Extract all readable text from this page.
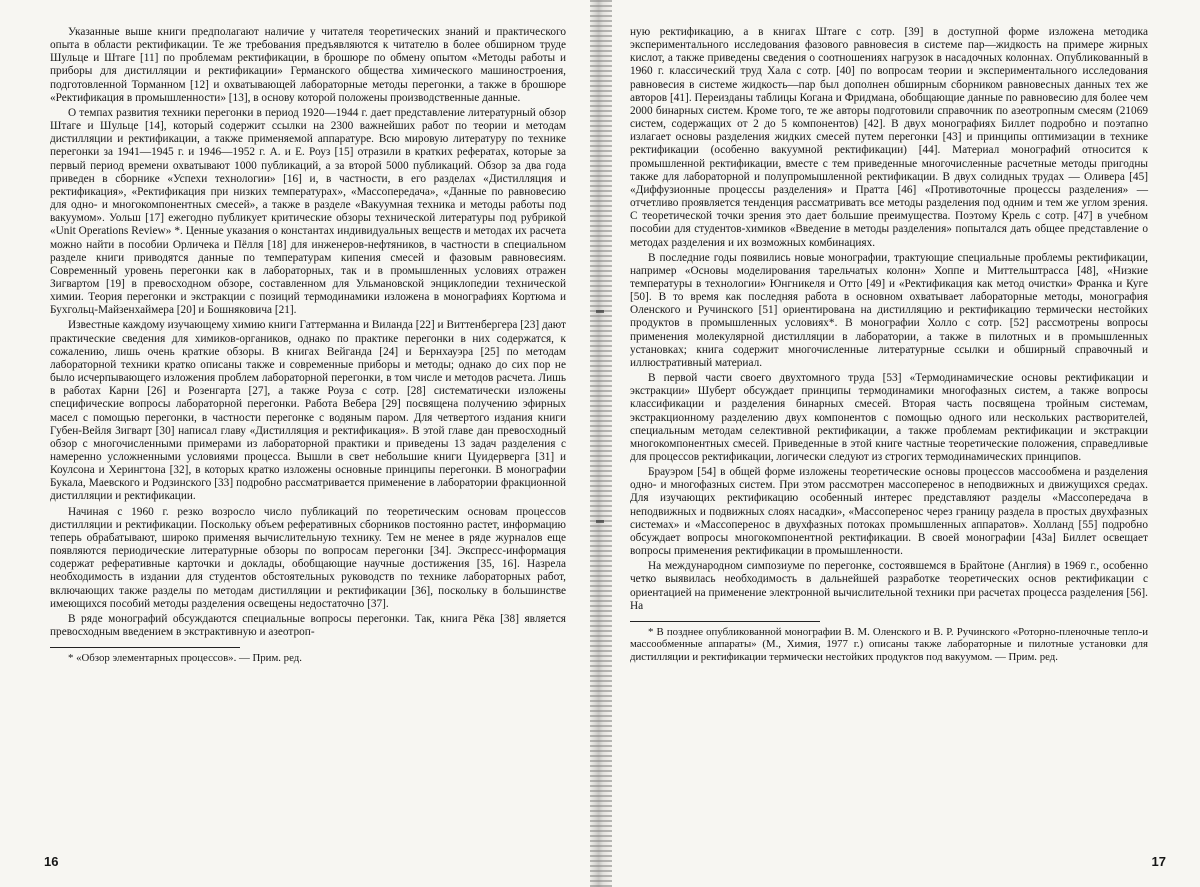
Указанные выше книги предполагают наличие у читателя теоретических знаний и практического опыта в области ректификации. Те же требования предъявляются к читателю в более обширном труде Шульце и Штаге [11] по проблемам ректификации, в брошюре по обмену опытом «Методы работы и приборы для дистилляции и ректификации» Германского общества химического машиностроения, подготовленной Торманном [12] и охватывающей лабораторные методы перегонки, а также в брошюре «Ректификация в промышленности» [13], в основу которой положены производственные данные.

О темпах развития техники перегонки в период 1920—1944 г. дает представление литературный обзор Штаге и Шульце [14], который содержит ссылки на 2300 важнейших работ по теории и методам дистилляции и ректификации, а также применяемой аппаратуре. Всю мировую литературу по технике перегонки за 1941—1945 г. и 1946—1952 г. А. и Е. Роуз [15] отразили в кратких рефератах, которые за первый период времени охватывают 1000 публикаций, а за второй 5000 публикаций. Обзор за два года приведен в сборнике «Успехи технологии» [16] и, в частности, в его разделах «Дистилляция и ректификация», «Ректификация при низких температурах», «Массопередача», «Данные по равновесию для одно- и многокомпонентных смесей», а также в разделе «Вакуумная техника и методы работы под вакуумом». Уольш [17] ежегодно публикует критические обзоры технической литературы под рубрикой «Unit Operations Review» *. Ценные указания о константах индивидуальных веществ и методах их расчета можно найти в пособии Орличека и Пёлля [18] для инженеров-нефтяников, в частности в специальном разделе книги приводятся данные по температурам кипения смесей и фазовым равновесиям. Современный уровень перегонки как в лабораторных, так и в промышленных условиях отражен Зигвартом [19] в превосходном обзоре, составленном для Ульмановской энциклопедии технической химии. Теория перегонки и экстракции с позиций термодинамики изложена в монографиях Кортюма и Бухгольц-Майзенхаймера [20] и Бошняковича [21].

Известные каждому изучающему химию книги Гаттерманна и Виланда [22] и Виттенбергера [23] дают практические сведения для химиков-органиков, однако по практике перегонки в них содержатся, к сожалению, лишь очень краткие обзоры. В книгах Вейганда [24] и Бернхауэра [25] по методам лабораторной техники кратко описаны также и современные приборы и методы; однако до сих пор не было исчерпывающего изложения проблем лабораторной перегонки, в том числе и методов расчета. Лишь в работах Карни [26] и Розенгарта [27], а также Роуза с сотр. [28] систематически изложены специфические вопросы лабораторной перегонки. Работа Вебера [29] посвящена получению эфирных масел с помощью перегонки, в частности перегонке с водяным паром. Для четвертого издания книги Губен-Вейля Зигварт [30] написал главу «Дистилляция и ректификация». В этой главе дан превосходный обзор с многочисленными примерами из лабораторной практики и приведены 13 задач разделения с намеренно усложненными условиями процесса. Вышли в свет небольшие книги Цуидерверга [31] и Коулсона и Херингтона [32], в которых кратко изложены основные принципы перегонки. В монографии Букала, Маевского и Родзинского [33] подробно рассматривается применение в лаборатории фракционной дистилляции и ректификации.

Начиная с 1960 г. резко возросло число публикаций по теоретическим основам процессов дистилляции и ректификации. Поскольку объем реферативных сборников постоянно растет, информацию теперь обрабатывают, широко применяя вычислительную технику. Тем не менее в ряде журналов еще появляются периодические литературные обзоры по вопросам перегонки [34]. Экспресс-информация содержат реферативные карточки и доклады, обобщающие научные достижения [35, 16]. Назрела необходимость в издании для студентов обстоятельных руководств по технике лабораторных работ, включающих также разделы по методам дистилляции и ректификации [36], поскольку в большинстве имеющихся пособий методы разделения освещены недостаточно [37].

В ряде монографий обсуждаются специальные вопросы перегонки. Так, книга Рёка [38] является превосходным введением в экстрактивную и азеотроп-

* «Обзор элементарных процессов». — Прим. ред.

16

ную ректификацию, а в книгах Штаге с сотр. [39] в доступной форме изложена методика экспериментального исследования фазового равновесия в системе пар—жидкость на примере жирных кислот, а также приведены сведения о соотношениях нагрузок в насадочных колоннах. Опубликованный в 1960 г. классический труд Хала с сотр. [40] по вопросам теории и экспериментального исследования равновесия в системе жидкость—пар был дополнен обширным сборником равновесных данных тех же авторов [41]. Переизданы таблицы Когана и Фридмана, обобщающие данные по равновесию для более чем 2000 бинарных систем. Кроме того, те же авторы подготовили справочник по азеотропным смесям (21069 систем, содержащих от 2 до 5 компонентов) [42]. В двух монографиях Биллет подробно и поэтапно излагает основы разделения жидких смесей путем перегонки [43] и принципы оптимизации в технике ректификации (особенно вакуумной ректификации) [44]. Материал монографий относится к промышленной ректификации, вместе с тем приведенные многочисленные расчетные методы пригодны также для лабораторной и полупромышленной ректификации. В двух солидных трудах — Оливера [45] «Диффузионные процессы разделения» и Пратта [46] «Противоточные процессы разделения» — отчетливо проявляется тенденция рассматривать все методы разделения под одним и тем же углом зрения. С теоретической точки зрения это дает большие преимущества. Поэтому Крель с сотр. [47] в учебном пособии для студентов-химиков «Введение в методы разделения» попытался дать общее представление о методах разделения и их возможных комбинациях.

В последние годы появились новые монографии, трактующие специальные проблемы ректификации, например «Основы моделирования тарельчатых колонн» Хоппе и Миттельштрасса [48], «Низкие температуры в технологии» Юнгникеля и Отто [49] и «Ректификация как метод очистки» Франка и Куге [50]. В то время как последняя работа в основном охватывает лабораторные методы, монография Оленского и Ручинского [51] ориентирована на дистилляцию и ректификацию термически нестойких продуктов в промышленных условиях*. В монографии Холло с сотр. [52] рассмотрены вопросы применения молекулярной дистилляции в лаборатории, а также в пилотных и в промышленных установках; книга содержит многочисленные литературные ссылки и обширный справочный и иллюстративный материал.

В первой части своего двухтомного труда [53] «Термодинамические основы ректификации и экстракции» Шуберт обсуждает принципы термодинамики многофазных систем, а также вопросы классификации и разделения бинарных смесей. Вторая часть посвящена тройным системам, экстракционному разделению двух компонентов с помощью одного или нескольких растворителей, специальным методам селективной ректификации, а также проблемам ректификации и экстракции многокомпонентных смесей. Приведенные в этой книге частные теоретические положения, справедливые для процессов ректификации, логически следуют из строгих термодинамических принципов.

Брауэром [54] в общей форме изложены теоретические основы процессов массообмена и разделения одно- и многофазных систем. При этом рассмотрен массоперенос в неподвижных и движущихся средах. Для изучающих ректификацию особенный интерес представляют разделы «Массопередача в неподвижных и подвижных слоях насадки», «Массоперенос через границу раздела в простых двухфазных системах» и «Массоперенос в двухфазных потоках промышленных аппаратов». Холланд [55] подробно обсуждает вопросы многокомпонентной ректификации. В своей монографии [43а] Биллет освещает вопросы применения ректификации в промышленности.

На международном симпозиуме по перегонке, состоявшемся в Брайтоне (Англия) в 1969 г., особенно четко выявилась необходимость в дальнейшей разработке теоретических основ ректификации с ориентацией на применение электронной вычислительной техники при расчетах процесса разделения [56]. На

* В позднее опубликованной монографии В. М. Оленского и В. Р. Ручинского «Роторно-пленочные тепло-и массообменные аппараты» (М., Химия, 1977 г.) описаны также лабораторные и пилотные установки для дистилляции и ректификации термически нестойких продуктов под вакуумом. — Прим. ред.

17
